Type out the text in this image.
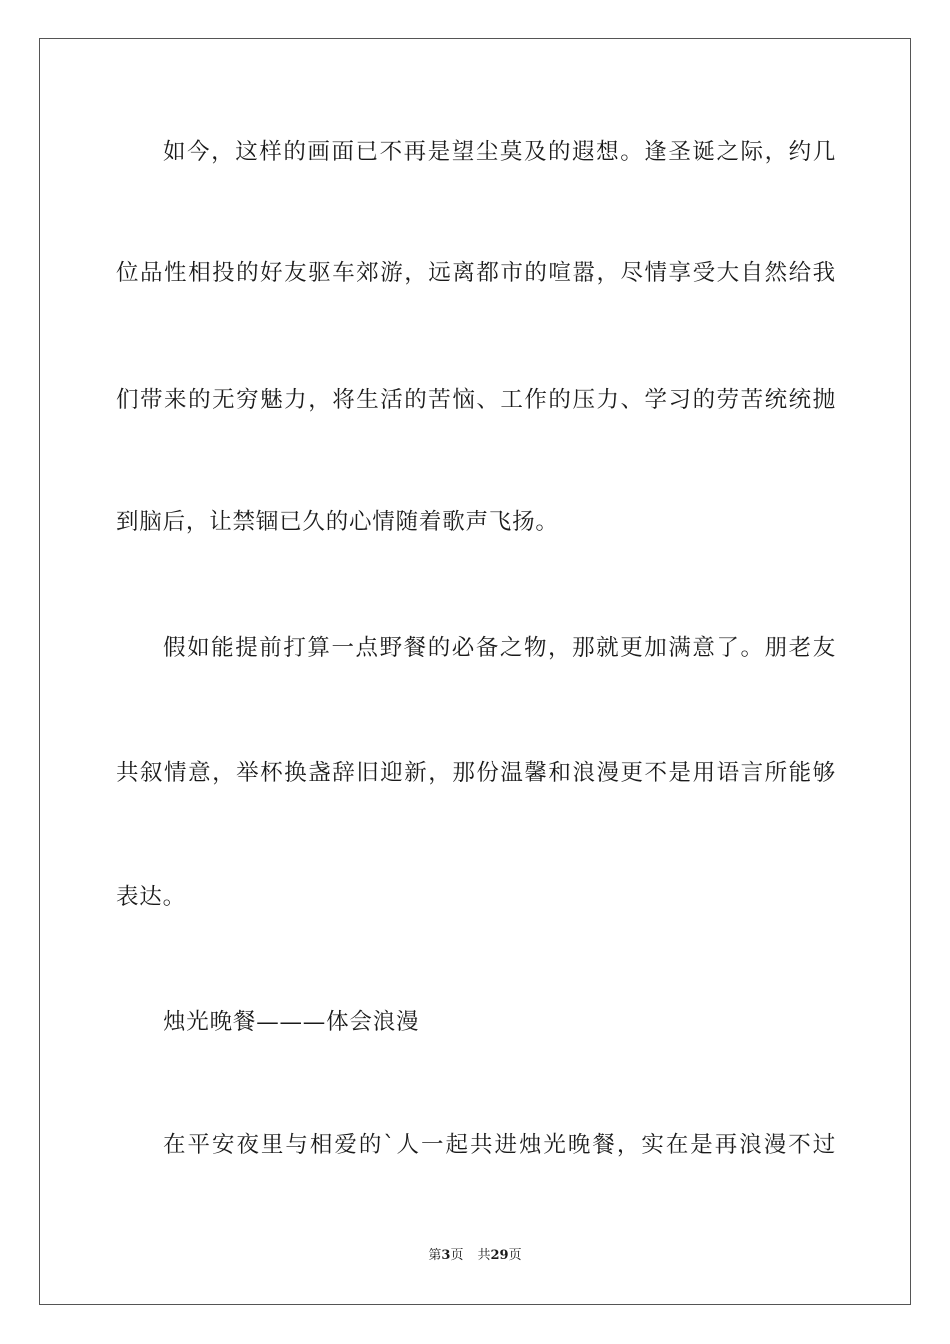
如今，这样的画面已不再是望尘莫及的遐想。逢圣诞之际，约几
位品性相投的好友驱车郊游，远离都市的喧嚣，尽情享受大自然给我
们带来的无穷魅力，将生活的苦恼、工作的压力、学习的劳苦统统抛
到脑后，让禁锢已久的心情随着歌声飞扬。
假如能提前打算一点野餐的必备之物，那就更加满意了。朋老友
共叙情意，举杯换盏辞旧迎新，那份温馨和浪漫更不是用语言所能够
表达。
烛光晚餐———体会浪漫
在平安夜里与相爱的`人一起共进烛光晚餐，实在是再浪漫不过
第3页 共29页
